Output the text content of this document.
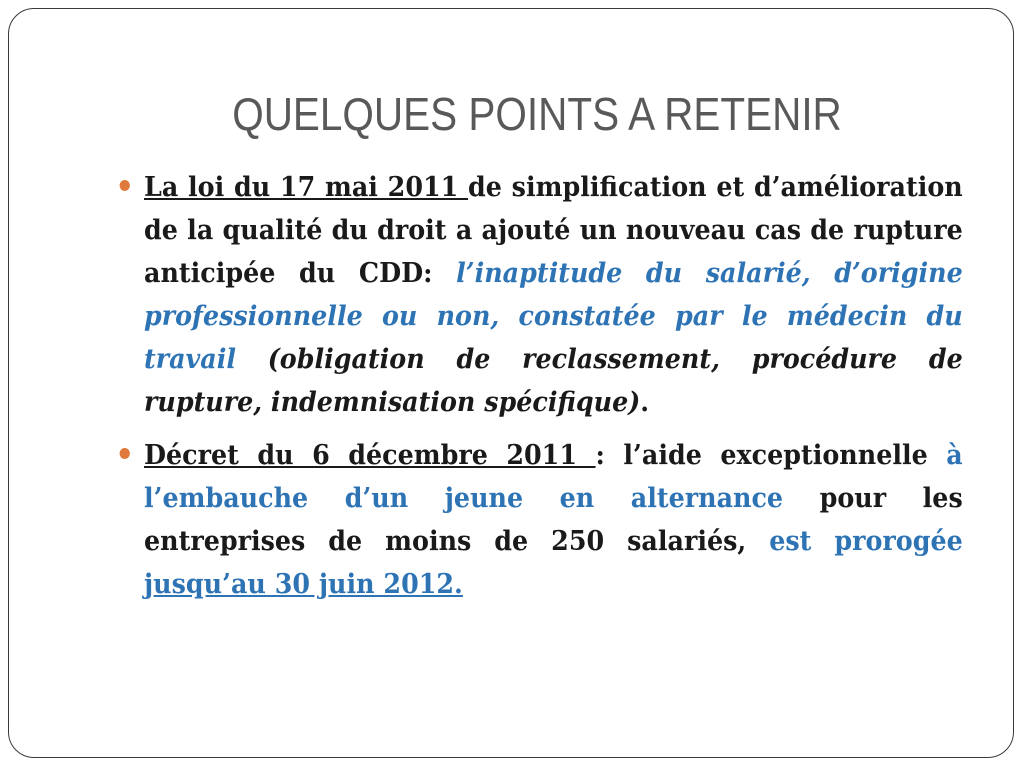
QUELQUES POINTS A RETENIR
La loi du 17 mai 2011 de simplification et d’amélioration de la qualité du droit a ajouté un nouveau cas de rupture anticipée du CDD: l’inaptitude du salarié, d’origine professionnelle ou non, constatée par le médecin du travail (obligation de reclassement, procédure de rupture, indemnisation spécifique).
Décret du 6 décembre 2011 : l’aide exceptionnelle à l’embauche d’un jeune en alternance pour les entreprises de moins de 250 salariés, est prorogée jusqu’au 30 juin 2012.
